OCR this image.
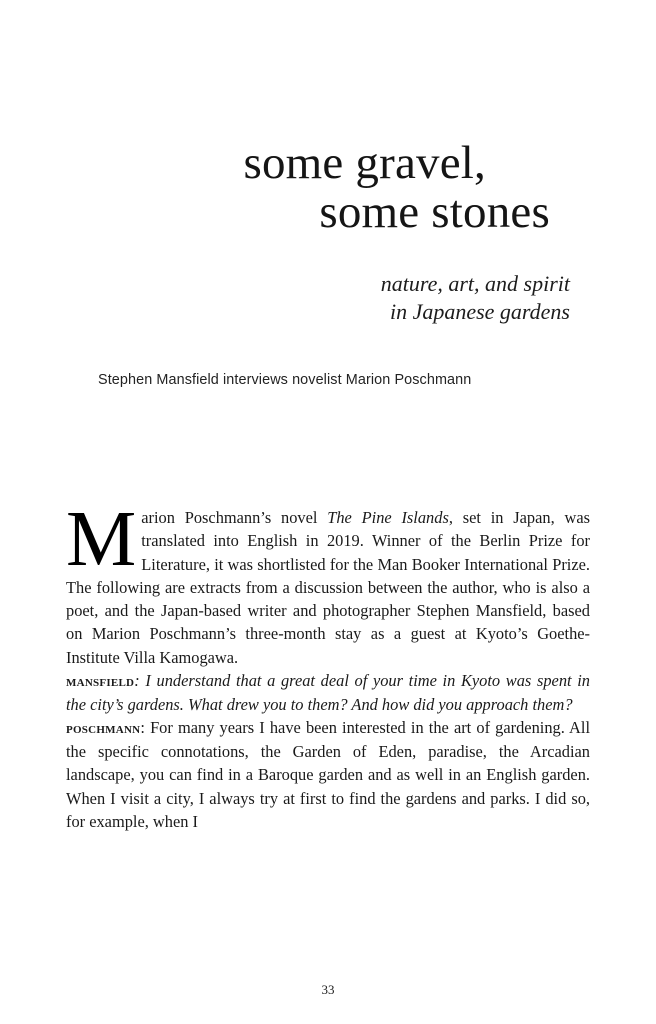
some gravel,
some stones
nature, art, and spirit
in Japanese gardens
Stephen Mansfield interviews novelist Marion Poschmann

Marion Poschmann’s novel The Pine Islands, set in Japan, was translated into English in 2019. Winner of the Berlin Prize for Literature, it was shortlisted for the Man Booker International Prize. The following are extracts from a discussion between the author, who is also a poet, and the Japan-based writer and photographer Stephen Mansfield, based on Marion Poschmann’s three-month stay as a guest at Kyoto’s Goethe-Institute Villa Kamogawa.

mansfield: I understand that a great deal of your time in Kyoto was spent in the city’s gardens. What drew you to them? And how did you approach them?

poschmann: For many years I have been interested in the art of gardening. All the specific connotations, the Garden of Eden, paradise, the Arcadian landscape, you can find in a Baroque garden and as well in an English garden. When I visit a city, I always try at first to find the gardens and parks. I did so, for example, when I

33
